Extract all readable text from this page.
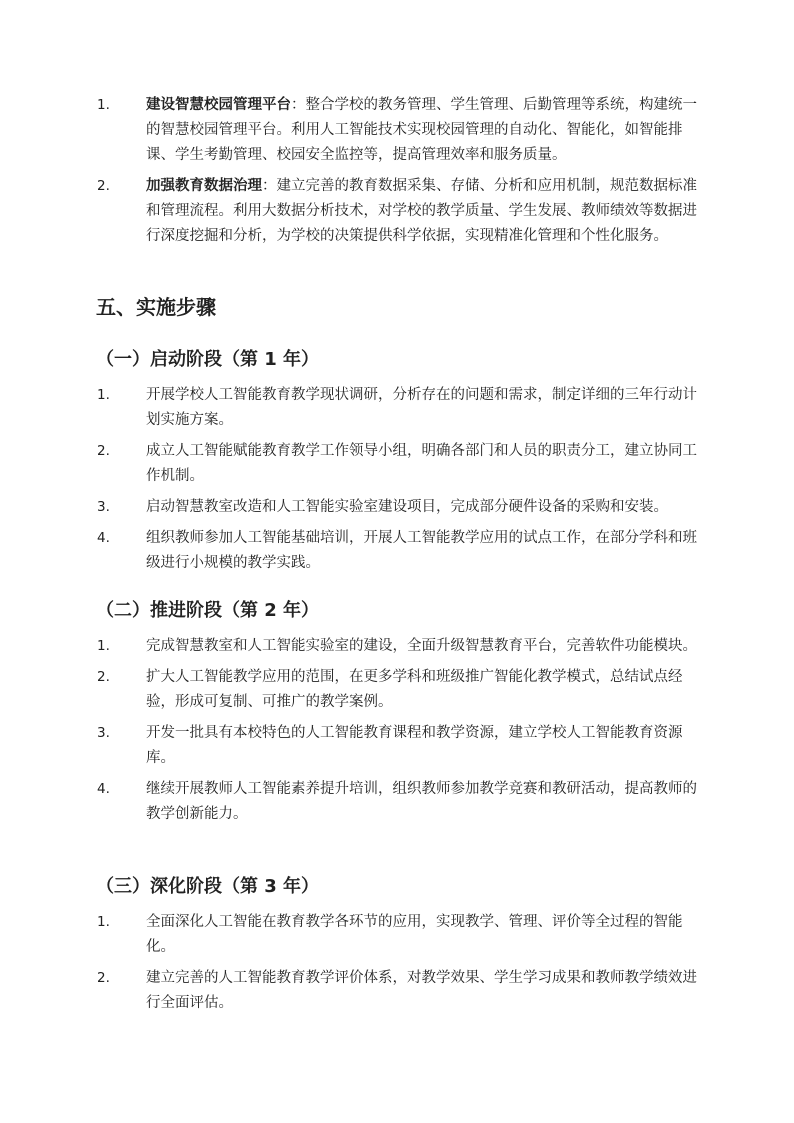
1. 建设智慧校园管理平台：整合学校的教务管理、学生管理、后勤管理等系统，构建统一的智慧校园管理平台。利用人工智能技术实现校园管理的自动化、智能化，如智能排课、学生考勤管理、校园安全监控等，提高管理效率和服务质量。
2. 加强教育数据治理：建立完善的教育数据采集、存储、分析和应用机制，规范数据标准和管理流程。利用大数据分析技术，对学校的教学质量、学生发展、教师绩效等数据进行深度挖掘和分析，为学校的决策提供科学依据，实现精准化管理和个性化服务。
五、实施步骤
（一）启动阶段（第 1 年）
1. 开展学校人工智能教育教学现状调研，分析存在的问题和需求，制定详细的三年行动计划实施方案。
2. 成立人工智能赋能教育教学工作领导小组，明确各部门和人员的职责分工，建立协同工作机制。
3. 启动智慧教室改造和人工智能实验室建设项目，完成部分硬件设备的采购和安装。
4. 组织教师参加人工智能基础培训，开展人工智能教学应用的试点工作，在部分学科和班级进行小规模的教学实践。
（二）推进阶段（第 2 年）
1. 完成智慧教室和人工智能实验室的建设，全面升级智慧教育平台，完善软件功能模块。
2. 扩大人工智能教学应用的范围，在更多学科和班级推广智能化教学模式，总结试点经验，形成可复制、可推广的教学案例。
3. 开发一批具有本校特色的人工智能教育课程和教学资源，建立学校人工智能教育资源库。
4. 继续开展教师人工智能素养提升培训，组织教师参加教学竞赛和教研活动，提高教师的教学创新能力。
（三）深化阶段（第 3 年）
1. 全面深化人工智能在教育教学各环节的应用，实现教学、管理、评价等全过程的智能化。
2. 建立完善的人工智能教育教学评价体系，对教学效果、学生学习成果和教师教学绩效进行全面评估。
